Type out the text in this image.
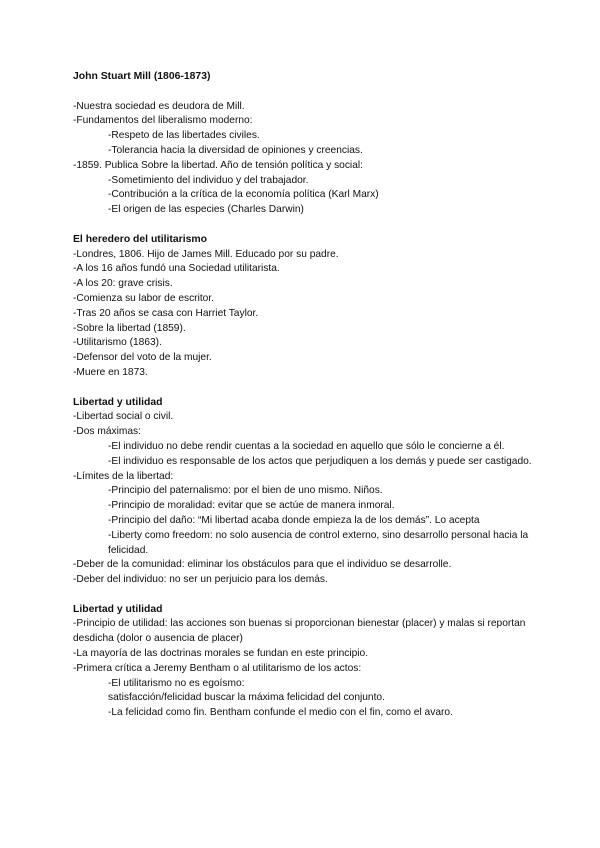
John Stuart Mill (1806-1873)
-Nuestra sociedad es deudora de Mill.
-Fundamentos del liberalismo moderno:
-Respeto de las libertades civiles.
-Tolerancia hacia la diversidad de opiniones y creencias.
-1859. Publica Sobre la libertad. Año de tensión política y social:
-Sometimiento del individuo y del trabajador.
-Contribución a la crítica de la economía política (Karl Marx)
-El origen de las especies (Charles Darwin)
El heredero del utilitarismo
-Londres, 1806. Hijo de James Mill. Educado por su padre.
-A los 16 años fundó una Sociedad utilitarista.
-A los 20: grave crisis.
-Comienza su labor de escritor.
-Tras 20 años se casa con Harriet Taylor.
-Sobre la libertad (1859).
-Utilitarismo (1863).
-Defensor del voto de la mujer.
-Muere en 1873.
Libertad y utilidad
-Libertad social o civil.
-Dos máximas:
-El individuo no debe rendir cuentas a la sociedad en aquello que sólo le concierne a él.
-El individuo es responsable de los actos que perjudiquen a los demás y puede ser castigado.
-Límites de la libertad:
-Principio del paternalismo: por el bien de uno mismo. Niños.
-Principio de moralidad: evitar que se actúe de manera inmoral.
-Principio del daño: “Mi libertad acaba donde empieza la de los demás”. Lo acepta
-Liberty como freedom: no solo ausencia de control externo, sino desarrollo personal hacia la felicidad.
-Deber de la comunidad: eliminar los obstáculos para que el individuo se desarrolle.
-Deber del individuo: no ser un perjuicio para los demás.
Libertad y utilidad
-Principio de utilidad: las acciones son buenas si proporcionan bienestar (placer) y malas si reportan desdicha (dolor o ausencia de placer)
-La mayoría de las doctrinas morales se fundan en este principio.
-Primera crítica a Jeremy Bentham o al utilitarismo de los actos:
-El utilitarismo no es egoísmo:
satisfacción/felicidad buscar la máxima felicidad del conjunto.
-La felicidad como fin. Bentham confunde el medio con el fin, como el avaro.
